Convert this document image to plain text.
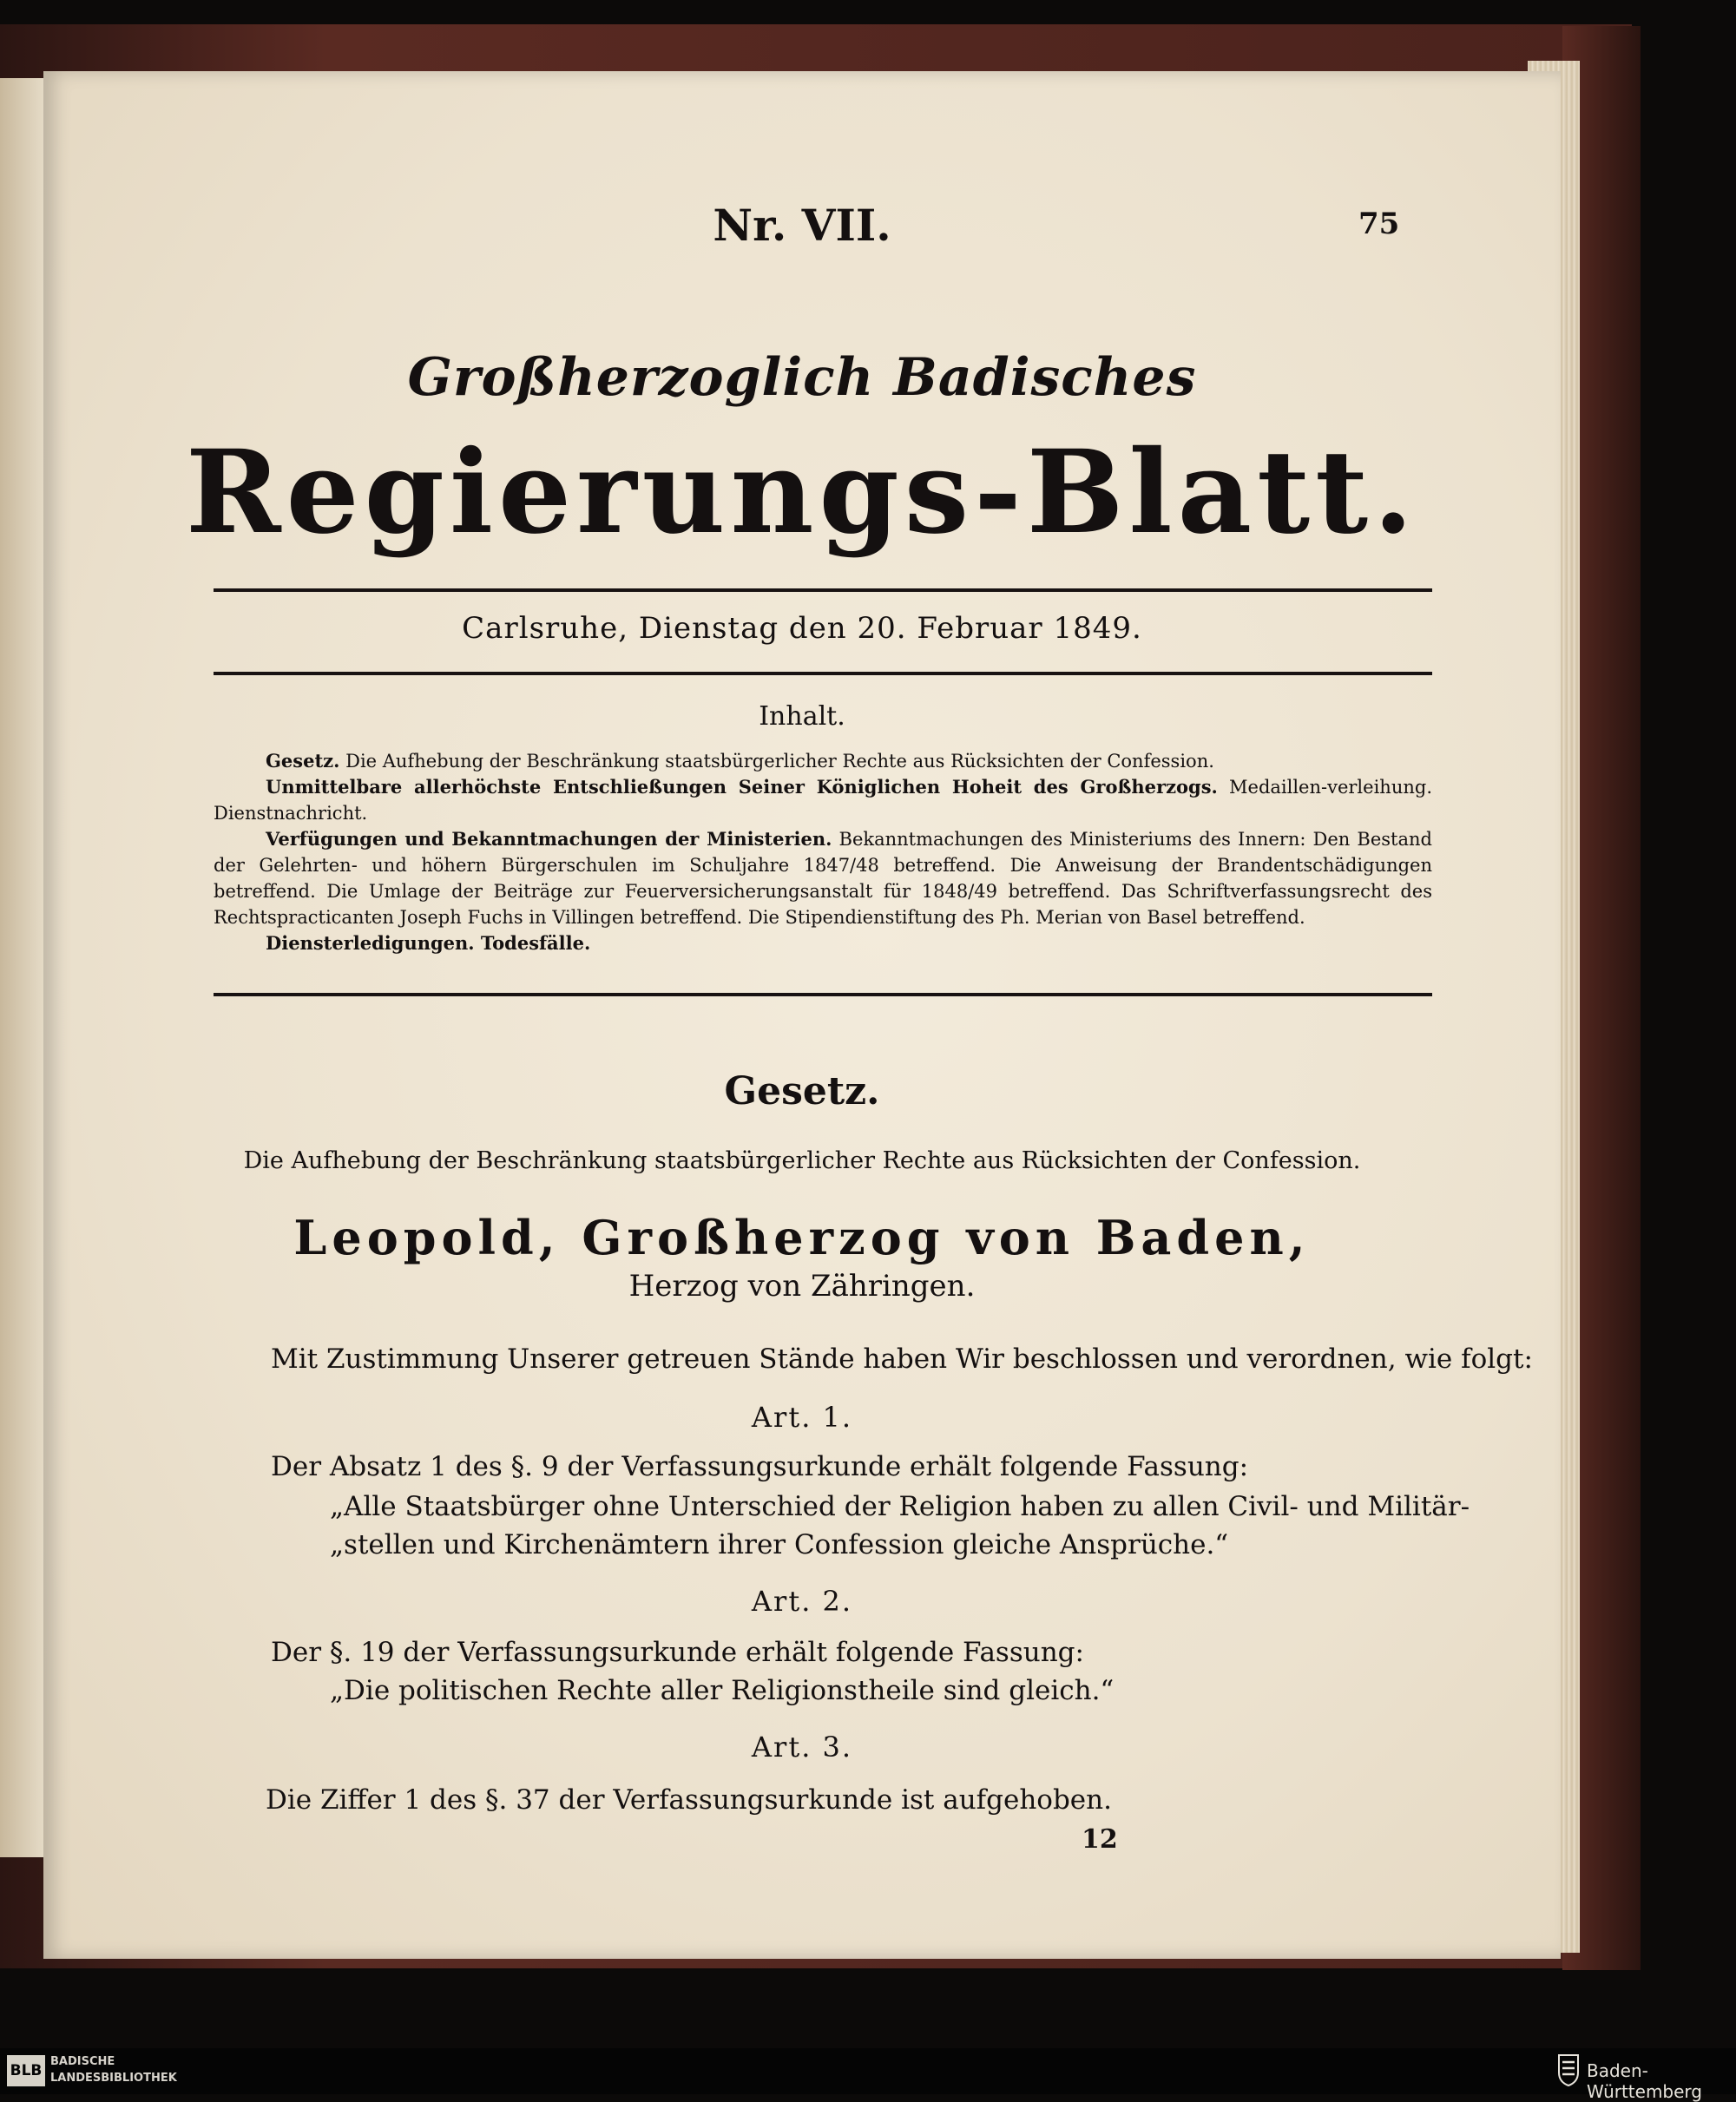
Nr. VII.	75
Großherzoglich Badisches
Regierungs-Blatt.
Carlsruhe, Dienstag den 20. Februar 1849.
Inhalt.

Gesetz. Die Aufhebung der Beschränkung staatsbürgerlicher Rechte aus Rücksichten der Confession.

Unmittelbare allerhöchste Entschließungen Seiner Königlichen Hoheit des Großherzogs. Medaillen-verleihung. Dienstnachricht.

Verfügungen und Bekanntmachungen der Ministerien. Bekanntmachungen des Ministeriums des Innern: Den Bestand der Gelehrten- und höhern Bürgerschulen im Schuljahre 1847/48 betreffend. Die Anweisung der Brandentschädigungen betreffend. Die Umlage der Beiträge zur Feuerversicherungsanstalt für 1848/49 betreffend. Das Schriftverfassungsrecht des Rechtspracticanten Joseph Fuchs in Villingen betreffend. Die Stipendienstiftung des Ph. Merian von Basel betreffend.

Diensterledigungen. Todesfälle.

Gesetz.
Die Aufhebung der Beschränkung staatsbürgerlicher Rechte aus Rücksichten der Confession.
Leopold, Großherzog von Baden,
Herzog von Zähringen.
Mit Zustimmung Unserer getreuen Stände haben Wir beschlossen und verordnen, wie folgt:
Art. 1.
Der Absatz 1 des §. 9 der Verfassungsurkunde erhält folgende Fassung:
„Alle Staatsbürger ohne Unterschied der Religion haben zu allen Civil- und Militär-
„stellen und Kirchenämtern ihrer Confession gleiche Ansprüche.“
Art. 2.
Der §. 19 der Verfassungsurkunde erhält folgende Fassung:
„Die politischen Rechte aller Religionstheile sind gleich.“
Art. 3.
Die Ziffer 1 des §. 37 der Verfassungsurkunde ist aufgehoben.
12
BLB
BADISCHE
LANDESBIBLIOTHEK	Baden-Württemberg
